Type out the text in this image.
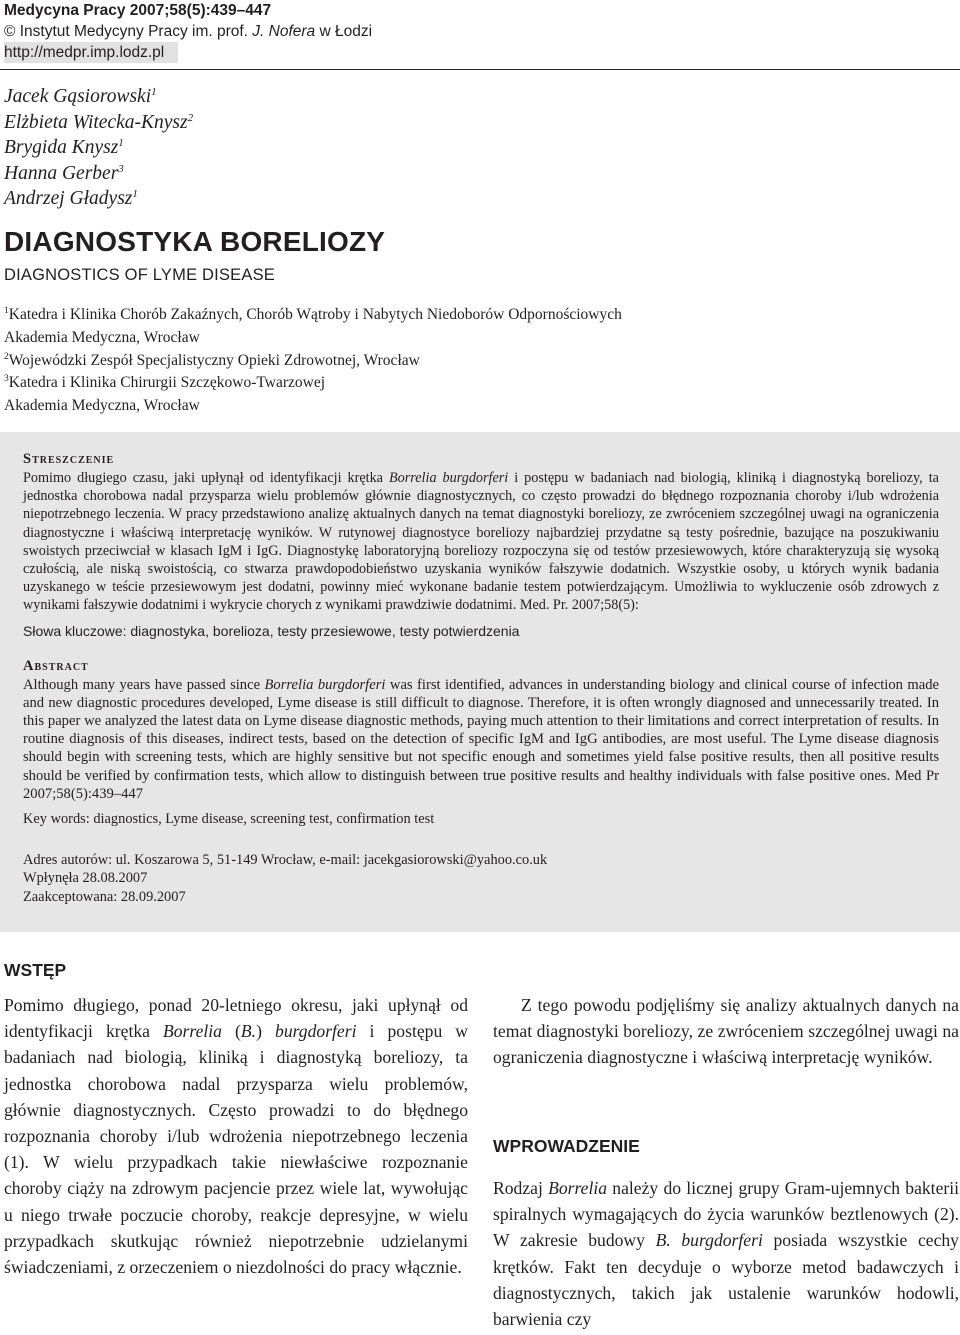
Medycyna Pracy 2007;58(5):439–447
© Instytut Medycyny Pracy im. prof. J. Nofera w Łodzi
http://medpr.imp.lodz.pl
Jacek Gąsiorowski$^1$
Elżbieta Witecka-Knysz$^2$
Brygida Knysz$^1$
Hanna Gerber$^3$
Andrzej Gładysz$^1$
DIAGNOSTYKA BORELIOZY
DIAGNOSTICS OF LYME DISEASE
$^1$Katedra i Klinika Chorób Zakaźnych, Chorób Wątroby i Nabytych Niedoborów Odpornościowych
Akademia Medyczna, Wrocław
$^2$Wojewódzki Zespół Specjalistyczny Opieki Zdrowotnej, Wrocław
$^3$Katedra i Klinika Chirurgii Szczękowo-Twarzowej
Akademia Medyczna, Wrocław
Streszczenie

Pomimo długiego czasu, jaki upłynął od identyfikacji krętka Borrelia burgdorferi i postępu w badaniach nad biologią, kliniką i diagnostyką boreliozy, ta jednostka chorobowa nadal przysparza wielu problemów głównie diagnostycznych, co często prowadzi do błędnego rozpoznania choroby i/lub wdrożenia niepotrzebnego leczenia. W pracy przedstawiono analizę aktualnych danych na temat diagnostyki boreliozy, ze zwróceniem szczególnej uwagi na ograniczenia diagnostyczne i właściwą interpretację wyników. W rutynowej diagnostyce boreliozy najbardziej przydatne są testy pośrednie, bazujące na poszukiwaniu swoistych przeciwciał w klasach IgM i IgG. Diagnostykę laboratoryjną boreliozy rozpoczyna się od testów przesiewowych, które charakteryzują się wysoką czułością, ale niską swoistością, co stwarza prawdopodobieństwo uzyskania wyników fałszywie dodatnich. Wszystkie osoby, u których wynik badania uzyskanego w teście przesiewowym jest dodatni, powinny mieć wykonane badanie testem potwierdzającym. Umożliwia to wykluczenie osób zdrowych z wynikami fałszywie dodatnimi i wykrycie chorych z wynikami prawdziwie dodatnimi. Med. Pr. 2007;58(5):

Słowa kluczowe: diagnostyka, borelioza, testy przesiewowe, testy potwierdzenia
Abstract

Although many years have passed since Borrelia burgdorferi was first identified, advances in understanding biology and clinical course of infection made and new diagnostic procedures developed, Lyme disease is still difficult to diagnose. Therefore, it is often wrongly diagnosed and unnecessarily treated. In this paper we analyzed the latest data on Lyme disease diagnostic methods, paying much attention to their limitations and correct interpretation of results. In routine diagnosis of this diseases, indirect tests, based on the detection of specific IgM and IgG antibodies, are most useful. The Lyme disease diagnosis should begin with screening tests, which are highly sensitive but not specific enough and sometimes yield false positive results, then all positive results should be verified by confirmation tests, which allow to distinguish between true positive results and healthy individuals with false positive ones. Med Pr 2007;58(5):439–447

Key words: diagnostics, Lyme disease, screening test, confirmation test
Adres autorów: ul. Koszarowa 5, 51-149 Wrocław, e-mail: jacekgasiorowski@yahoo.co.uk
Wpłynęła 28.08.2007
Zaakceptowana: 28.09.2007
WSTĘP
Pomimo długiego, ponad 20-letniego okresu, jaki upłynął od identyfikacji krętka Borrelia (B.) burgdorferi i postępu w badaniach nad biologią, kliniką i diagnostyką boreliozy, ta jednostka chorobowa nadal przysparza wielu problemów, głównie diagnostycznych. Często prowadzi to do błędnego rozpoznania choroby i/lub wdrożenia niepotrzebnego leczenia (1). W wielu przypadkach takie niewłaściwe rozpoznanie choroby ciąży na zdrowym pacjencie przez wiele lat, wywołując u niego trwałe poczucie choroby, reakcje depresyjne, w wielu przypadkach skutkując również niepotrzebnie udzielanymi świadczeniami, z orzeczeniem o niezdolności do pracy włącznie.
Z tego powodu podjęliśmy się analizy aktualnych danych na temat diagnostyki boreliozy, ze zwróceniem szczególnej uwagi na ograniczenia diagnostyczne i właściwą interpretację wyników.
WPROWADZENIE
Rodzaj Borrelia należy do licznej grupy Gram-ujemnych bakterii spiralnych wymagających do życia warunków beztlenowych (2). W zakresie budowy B. burgdorferi posiada wszystkie cechy krętków. Fakt ten decyduje o wyborze metod badawczych i diagnostycznych, takich jak ustalenie warunków hodowli, barwienia czy
